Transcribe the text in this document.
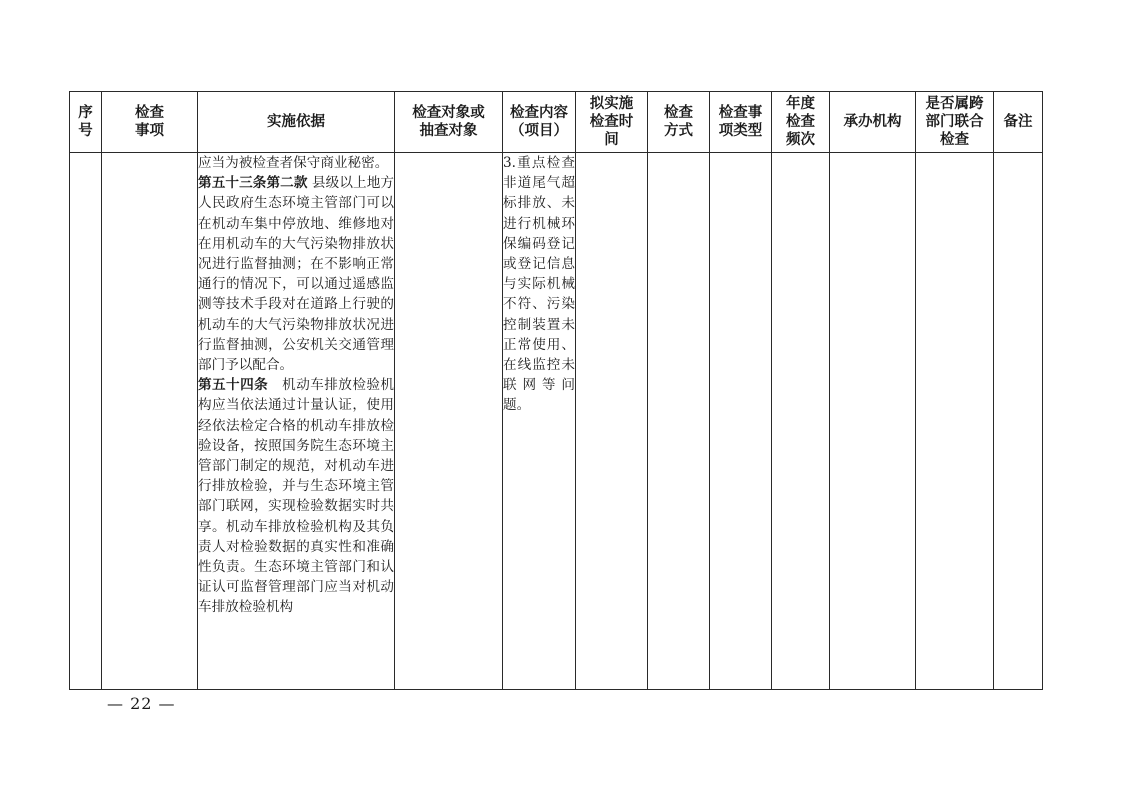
序
号	检查
事项	实施依据	检查对象或
抽查对象	检查内容
（项目）	拟实施
检查时
间	检查
方式	检查事
项类型	年度
检查
频次	承办机构	是否属跨
部门联合
检查	备注

		应当为被检查者保守商业秘密。

第五十三条第二款 县级以上地方人民政府生态环境主管部门可以在机动车集中停放地、维修地对在用机动车的大气污染物排放状况进行监督抽测；在不影响正常通行的情况下，可以通过遥感监测等技术手段对在道路上行驶的机动车的大气污染物排放状况进行监督抽测，公安机关交通管理部门予以配合。

第五十四条　机动车排放检验机构应当依法通过计量认证，使用经依法检定合格的机动车排放检验设备，按照国务院生态环境主管部门制定的规范，对机动车进行排放检验，并与生态环境主管部门联网，实现检验数据实时共享。机动车排放检验机构及其负责人对检验数据的真实性和准确性负责。生态环境主管部门和认证认可监督管理部门应当对机动车排放检验机构		3.重点检查非道尾气超标排放、未进行机械环保编码登记或登记信息与实际机械不符、污染控制装置未正常使用、在线监控未联网等问题。							
— 22 —
